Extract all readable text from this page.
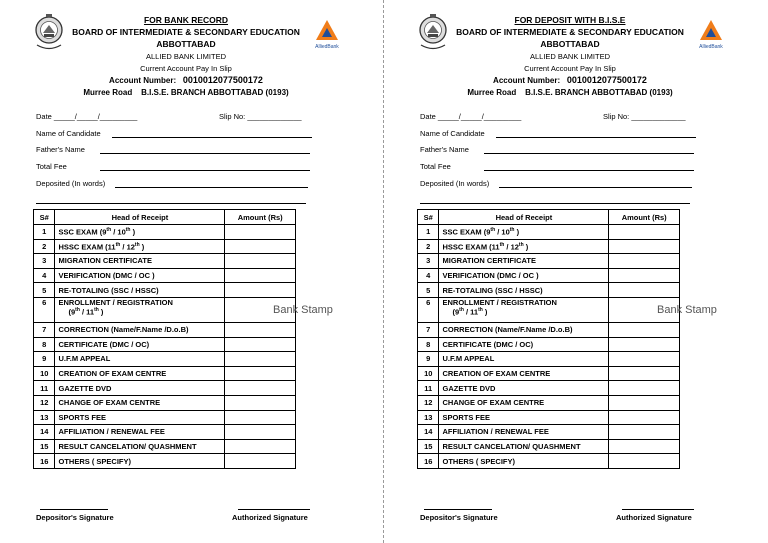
AlliedBank
FOR BANK RECORD
BOARD OF INTERMEDIATE & SECONDARY EDUCATION
ABBOTTABAD
ALLIED BANK LIMITED
Current Account Pay In Slip
Account Number: 0010012077500172
Murree Road B.I.S.E. BRANCH ABBOTTABAD (0193)
Date _____/_____/_________	Slip No: _____________
Name of Candidate
Father's Name
Total Fee
Deposited (In words)
S#	Head of Receipt	Amount (Rs)
1	SSC EXAM (9th / 10th )	

2	HSSC EXAM (11th / 12th )	

3	MIGRATION CERTIFICATE	

4	VERIFICATION (DMC / OC )	

5	RE-TOTALING (SSC / HSSC)	

6	ENROLLMENT / REGISTRATION
(9th / 11th )	

7	CORRECTION (Name/F.Name /D.o.B)	

8	CERTIFICATE (DMC / OC)	

9	U.F.M APPEAL	

10	CREATION OF EXAM CENTRE	

11	GAZETTE DVD	

12	CHANGE OF EXAM CENTRE	

13	SPORTS FEE	

14	AFFILIATION / RENEWAL FEE	

15	RESULT CANCELATION/ QUASHMENT	

16	OTHERS ( SPECIFY)	

Bank Stamp
Depositor's Signature	Authorized Signature
AlliedBank
FOR DEPOSIT WITH B.I.S.E
BOARD OF INTERMEDIATE & SECONDARY EDUCATION
ABBOTTABAD
ALLIED BANK LIMITED
Current Account Pay In Slip
Account Number: 0010012077500172
Murree Road B.I.S.E. BRANCH ABBOTTABAD (0193)
Date _____/_____/_________	Slip No: _____________
Name of Candidate
Father's Name
Total Fee
Deposited (In words)
S#	Head of Receipt	Amount (Rs)
1	SSC EXAM (9th / 10th )	

2	HSSC EXAM (11th / 12th )	

3	MIGRATION CERTIFICATE	

4	VERIFICATION (DMC / OC )	

5	RE-TOTALING (SSC / HSSC)	

6	ENROLLMENT / REGISTRATION
(9th / 11th )	

7	CORRECTION (Name/F.Name /D.o.B)	

8	CERTIFICATE (DMC / OC)	

9	U.F.M APPEAL	

10	CREATION OF EXAM CENTRE	

11	GAZETTE DVD	

12	CHANGE OF EXAM CENTRE	

13	SPORTS FEE	

14	AFFILIATION / RENEWAL FEE	

15	RESULT CANCELATION/ QUASHMENT	

16	OTHERS ( SPECIFY)	

Bank Stamp
Depositor's Signature	Authorized Signature
